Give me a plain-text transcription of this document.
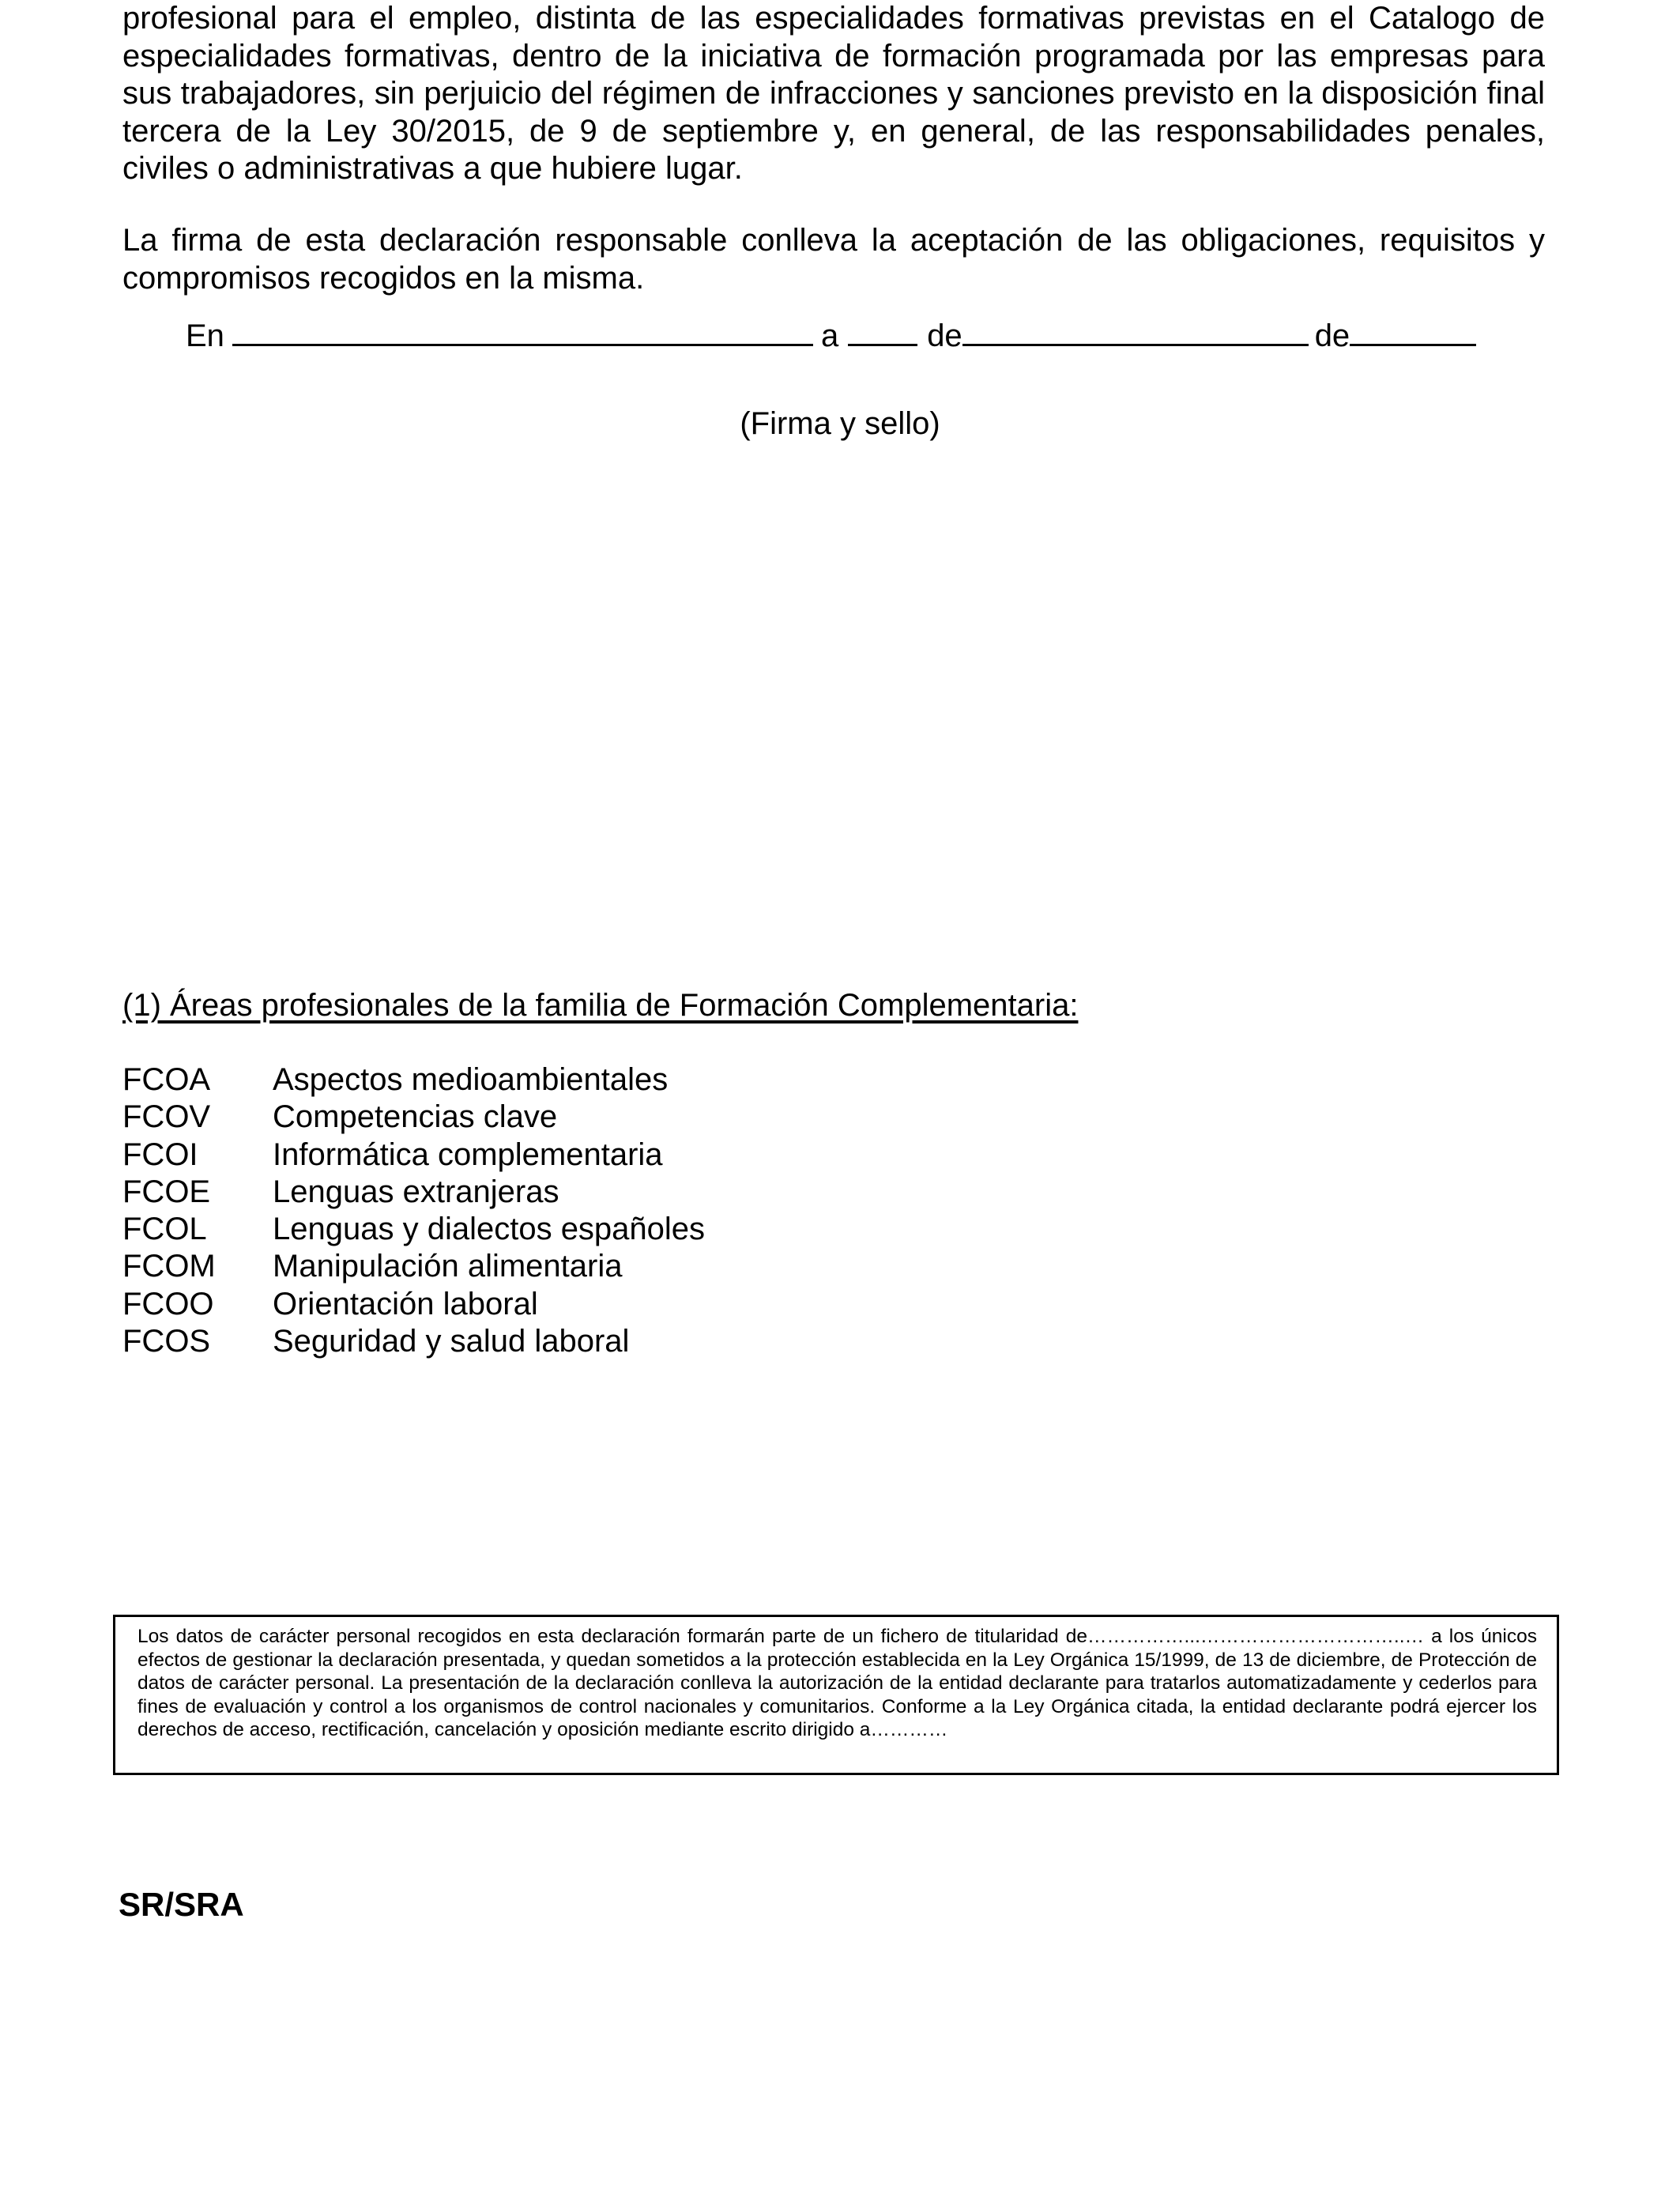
profesional para el empleo, distinta de las especialidades formativas previstas en el Catalogo de especialidades formativas, dentro de la iniciativa de formación programada por las empresas para sus trabajadores, sin perjuicio del régimen de infracciones y sanciones previsto en la disposición final tercera de la Ley 30/2015, de 9 de septiembre y, en general, de las responsabilidades penales, civiles o administrativas a que hubiere lugar.

La firma de esta declaración responsable conlleva la aceptación de las obligaciones, requisitos y compromisos recogidos en la misma.

En	a	de	de
(Firma y sello)
(1) Áreas profesionales de la familia de Formación Complementaria:
FCOA	Aspectos medioambientales
FCOV	Competencias clave
FCOI	Informática complementaria
FCOE	Lenguas extranjeras
FCOL	Lenguas y dialectos españoles
FCOM	Manipulación alimentaria
FCOO	Orientación laboral
FCOS	Seguridad y salud laboral

Los datos de carácter personal recogidos en esta declaración formarán parte de un fichero de titularidad de……………...…………………………..… a los únicos efectos de gestionar la declaración presentada, y quedan sometidos a la protección establecida en la Ley Orgánica 15/1999, de 13 de diciembre, de Protección de datos de carácter personal. La presentación de la declaración conlleva la autorización de la entidad declarante para tratarlos automatizadamente y cederlos para fines de evaluación y control a los organismos de control nacionales y comunitarios. Conforme a la Ley Orgánica citada, la entidad declarante podrá ejercer los derechos de acceso, rectificación, cancelación y oposición mediante escrito dirigido a…………

SR/SRA
